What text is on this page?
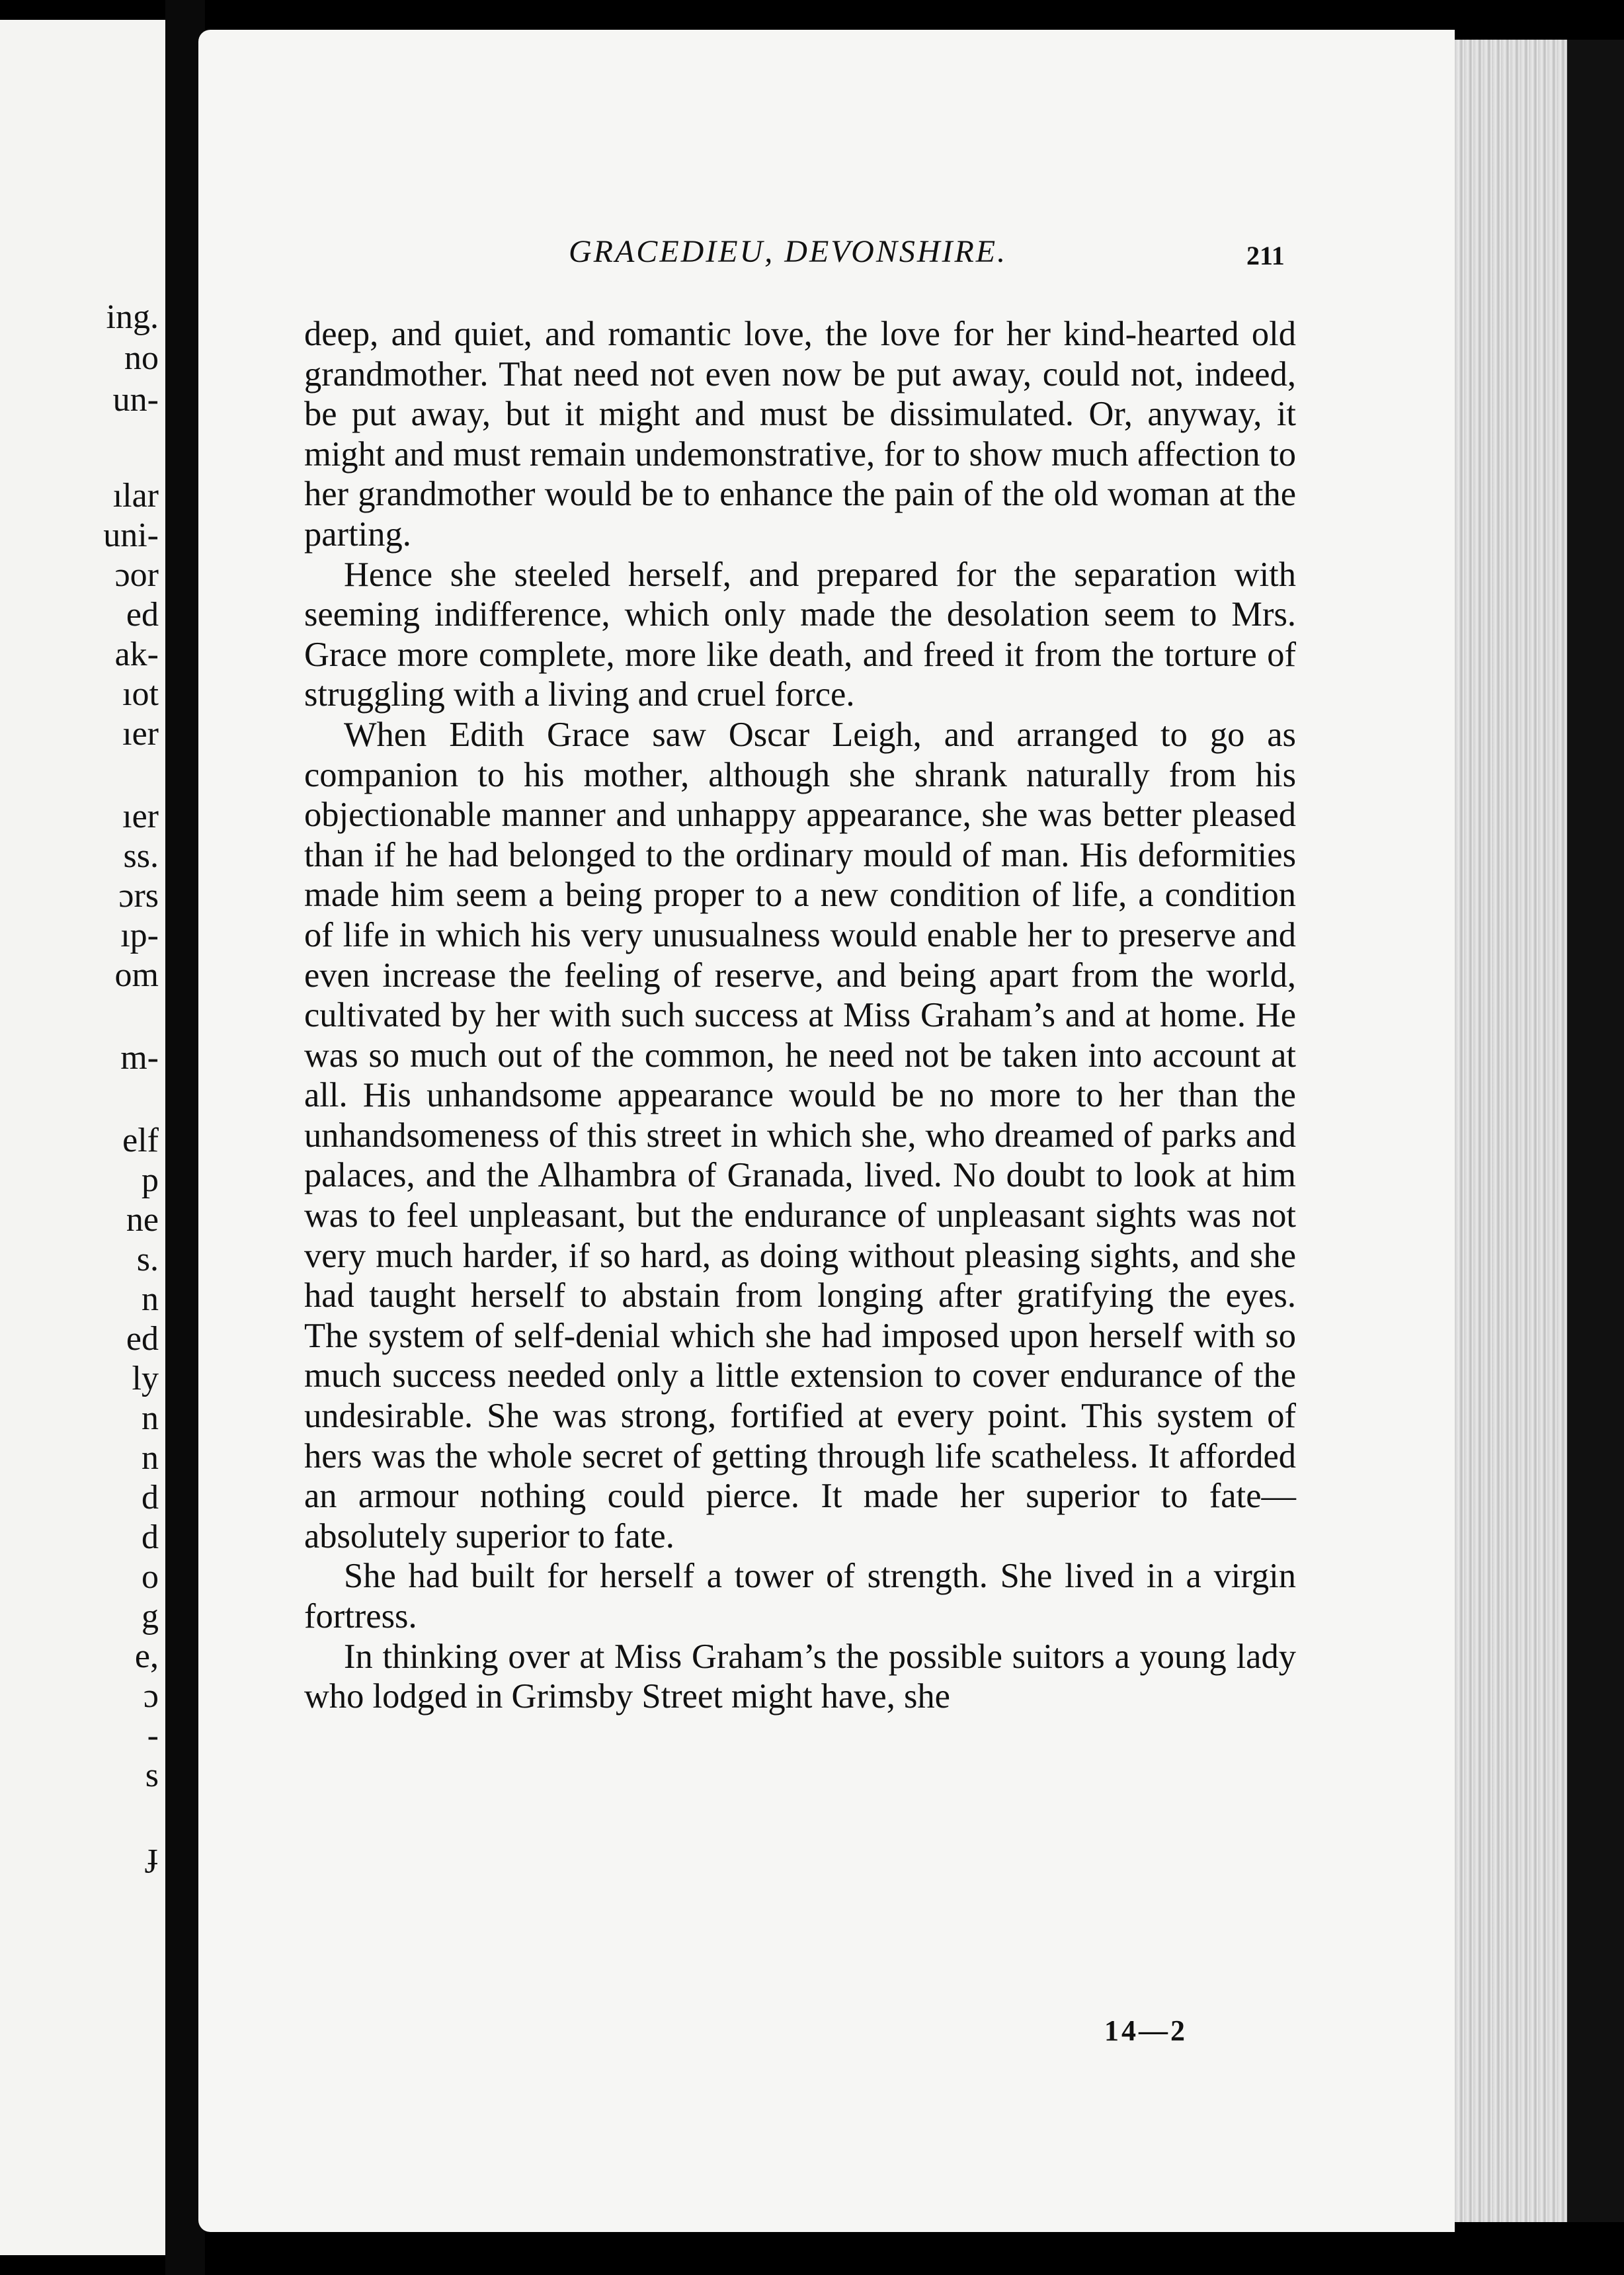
ing.
no
un-
ılar
uni-
ɔor
ed
ak-
ıot
ıer
ıer
ss.
ɔrs
ıp-
om
m-
elf
p
ne
s.
n
ed
ly
n
n
d
d
o
g
e,
ɔ
-
s
ɟ
GRACEDIEU, DEVONSHIRE.	211

deep, and quiet, and romantic love, the love for her kind-hearted old grandmother. That need not even now be put away, could not, indeed, be put away, but it might and must be dissimulated. Or, anyway, it might and must remain undemonstrative, for to show much affection to her grandmother would be to enhance the pain of the old woman at the parting.

Hence she steeled herself, and prepared for the separation with seeming indifference, which only made the desolation seem to Mrs. Grace more complete, more like death, and freed it from the torture of struggling with a living and cruel force.

When Edith Grace saw Oscar Leigh, and arranged to go as companion to his mother, although she shrank naturally from his objectionable manner and unhappy appearance, she was better pleased than if he had belonged to the ordinary mould of man. His deformities made him seem a being proper to a new condition of life, a condition of life in which his very unusualness would enable her to preserve and even increase the feeling of reserve, and being apart from the world, cultivated by her with such success at Miss Graham’s and at home. He was so much out of the common, he need not be taken into account at all. His unhandsome appearance would be no more to her than the unhandsomeness of this street in which she, who dreamed of parks and palaces, and the Alhambra of Granada, lived. No doubt to look at him was to feel unpleasant, but the endurance of unpleasant sights was not very much harder, if so hard, as doing without pleasing sights, and she had taught herself to abstain from longing after gratifying the eyes. The system of self-denial which she had imposed upon herself with so much success needed only a little extension to cover endurance of the undesirable. She was strong, fortified at every point. This system of hers was the whole secret of getting through life scatheless. It afforded an armour nothing could pierce. It made her superior to fate—absolutely superior to fate.

She had built for herself a tower of strength. She lived in a virgin fortress.

In thinking over at Miss Graham’s the possible suitors a young lady who lodged in Grimsby Street might have, she

14—2
